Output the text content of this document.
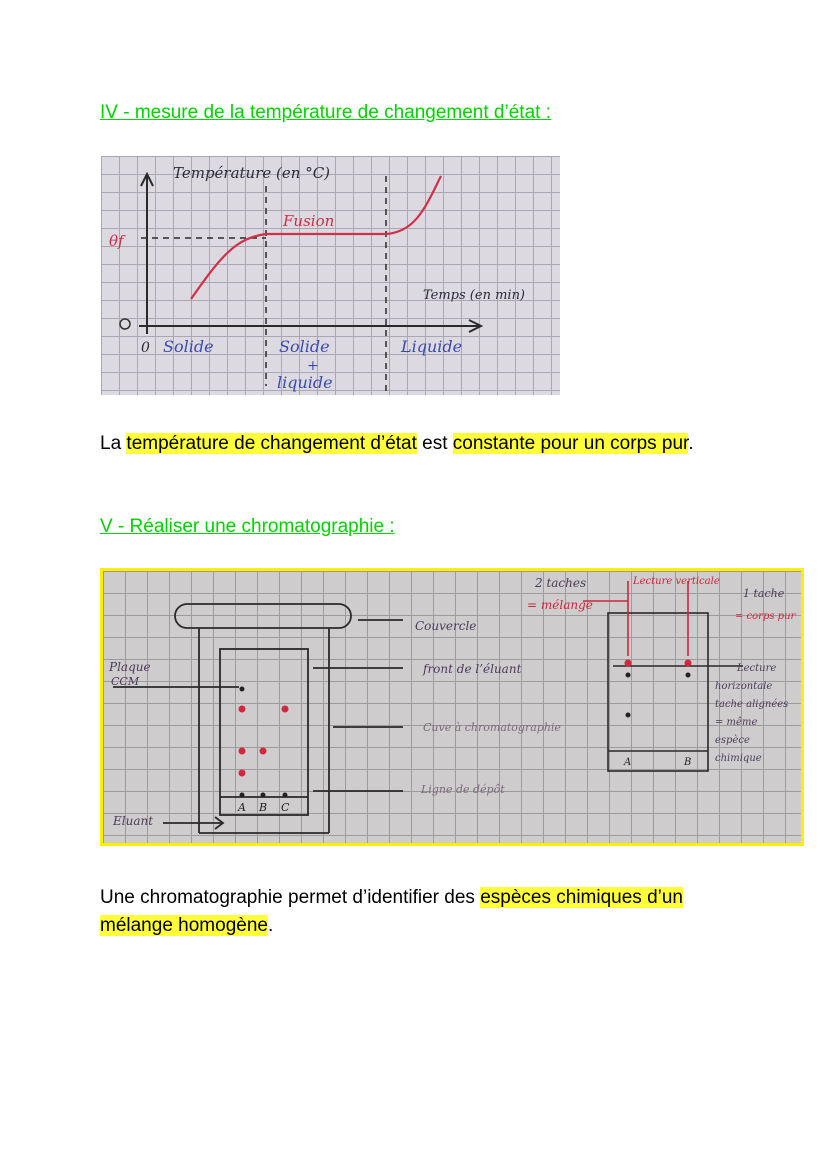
IV - mesure de la température de changement d’état :
Température (en °C)
Fusion
θf
Temps (en min)
0 Solide	Solide
+
liquide
Liquide

La température de changement d’état est constante pour un corps pur.

V - Réaliser une chromatographie :
Couvercle
front de l’éluant
Cuve à chromatographie
Ligne de dépôt
Plaque
CCM
Eluant
A B C
A	B
2 taches
= mélange
Lecture verticale
1 tache
= corps pur
Lecture
horizontale
tache alignées
= même
espèce
chimique

Une chromatographie permet d’identifier des espèces chimiques d’un mélange homogène.
